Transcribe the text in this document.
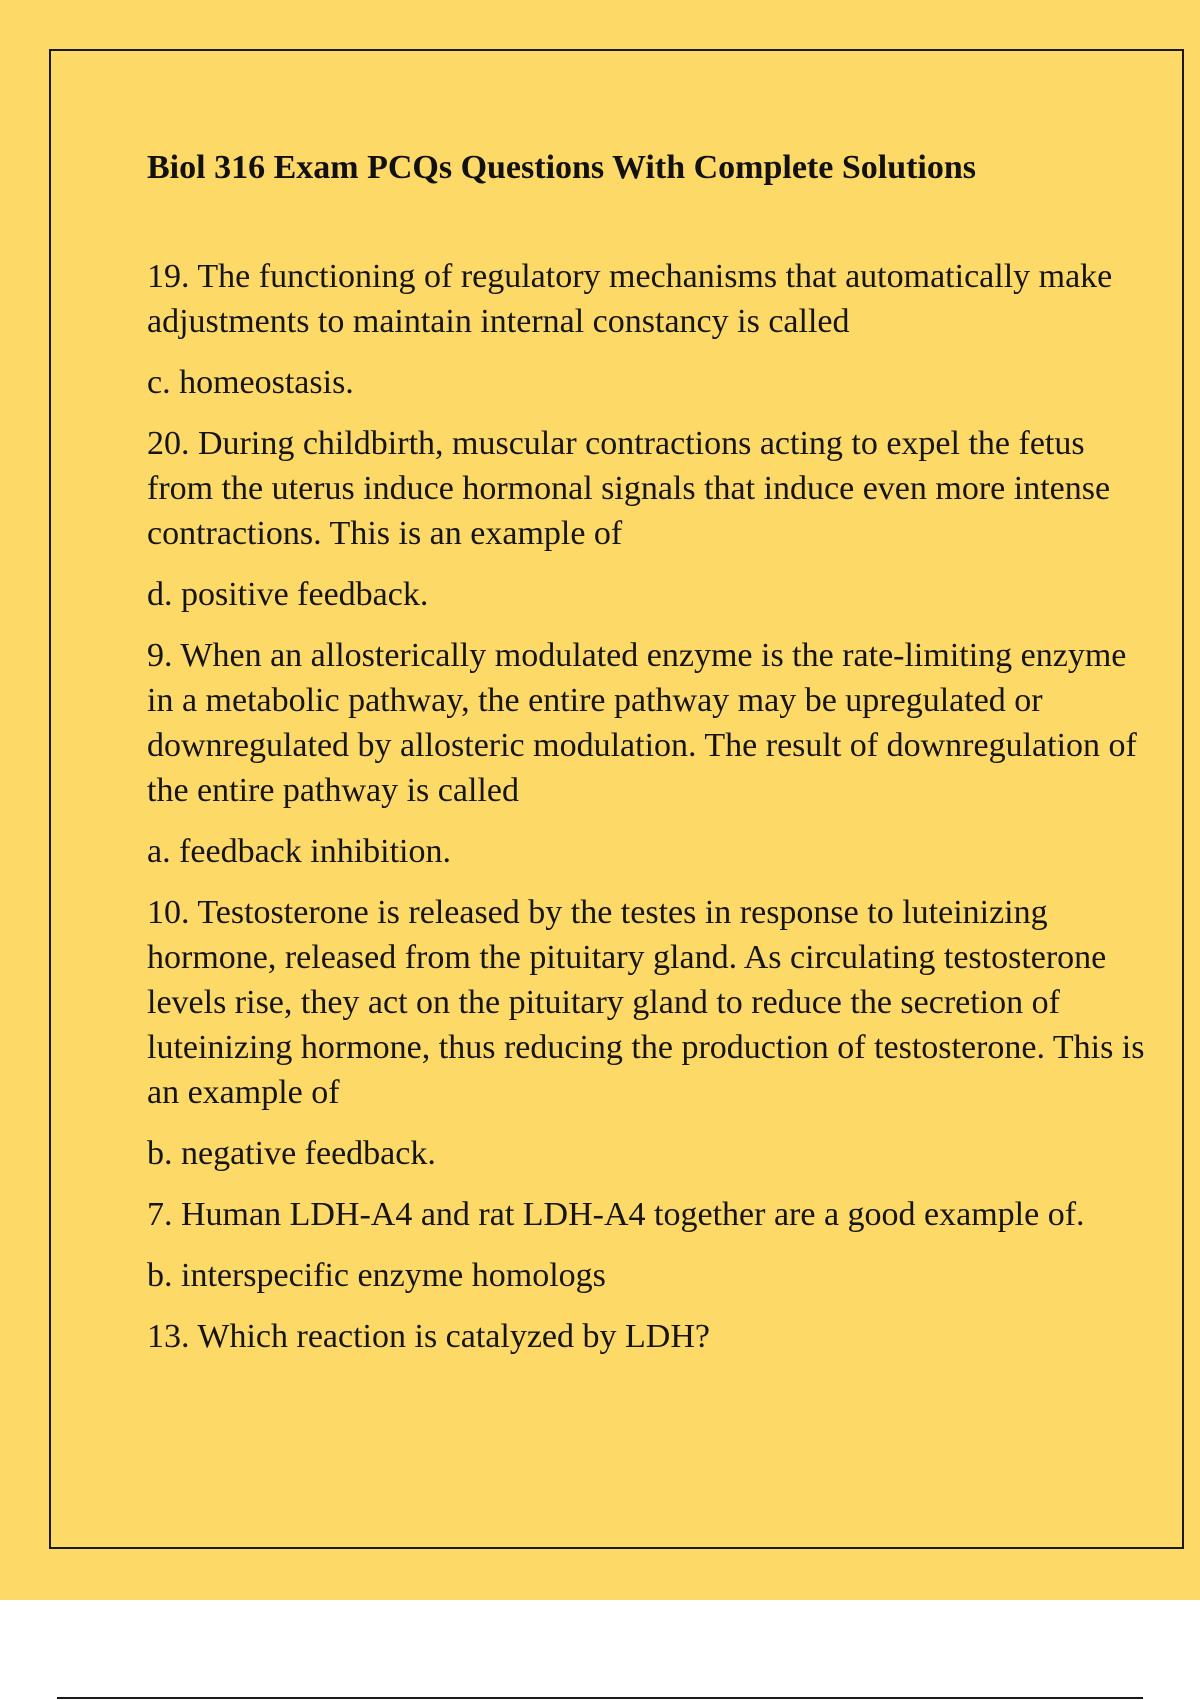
Biol 316 Exam PCQs Questions With Complete Solutions

19. The functioning of regulatory mechanisms that automatically make adjustments to maintain internal constancy is called

c. homeostasis.

20. During childbirth, muscular contractions acting to expel the fetus from the uterus induce hormonal signals that induce even more intense contractions. This is an example of

d. positive feedback.

9. When an allosterically modulated enzyme is the rate-limiting enzyme in a metabolic pathway, the entire pathway may be upregulated or downregulated by allosteric modulation. The result of downregulation of the entire pathway is called

a. feedback inhibition.

10. Testosterone is released by the testes in response to luteinizing hormone, released from the pituitary gland. As circulating testosterone levels rise, they act on the pituitary gland to reduce the secretion of luteinizing hormone, thus reducing the production of testosterone. This is an example of

b. negative feedback.

7. Human LDH-A4 and rat LDH-A4 together are a good example of.

b. interspecific enzyme homologs

13. Which reaction is catalyzed by LDH?
